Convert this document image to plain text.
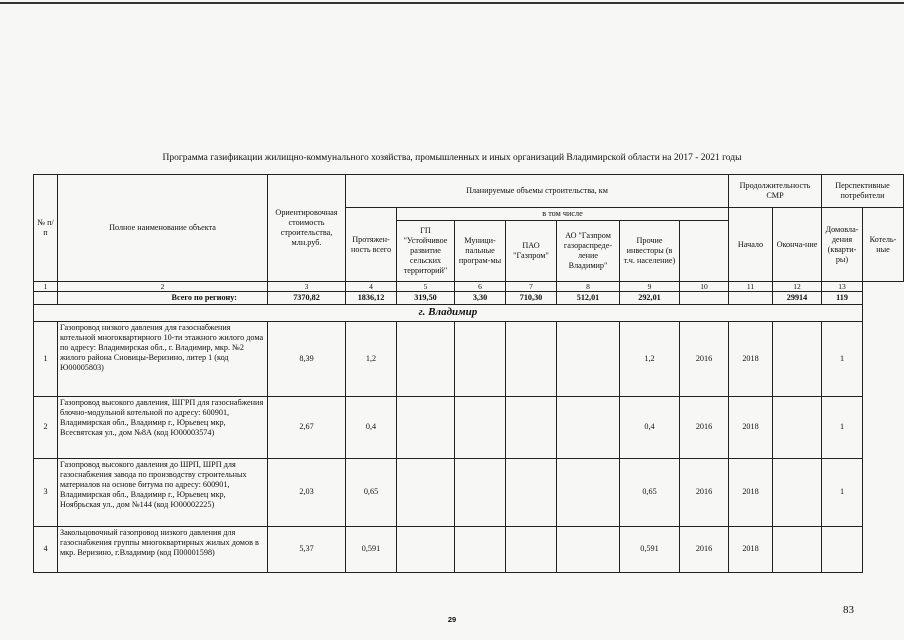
Программа газификации жилищно-коммунального хозяйства, промышленных и иных организаций Владимирской области на 2017 - 2021 годы
№ п/п	Полное наименование объекта	Ориентировочная стоимость строительства, млн.руб.	Планируемые объемы строительства, км							Продолжительность СМР		Перспективные потребители	
			Протяжен-ность всего	в том числе						Начало	Оконча-ние	Домовла-дения (кварти-ры)	Котель-ные
				ГП "Устойчивое развитие сельских территорий"	Муници-пальные програм-мы	ПАО "Газпром"	АО "Газпром газораспреде-ление Владимир"	Прочие инвесторы (в т.ч. население)					
1	2	3	4	5	6	7	8	9	10	11	12	13	
	Всего по региону:	7370,82	1836,12	319,50	3,30	710,30	512,01	292,01			29914	119	
г. Владимир													
1	Газопровод низкого давления для газоснабжения котельной многоквартирного 10-ти этажного жилого дома по адресу: Владимирская обл., г. Владимир, мкр. №2 жилого района Сновицы-Веризино, литер 1 (код Ю00005803)	8,39	1,2					1,2	2016	2018		1	
2	Газопровод высокого давления, ШГРП для газоснабжения блочно-модульной котельной по адресу: 600901, Владимирская обл., Владимир г., Юрьевец мкр, Всесвятская ул., дом №8А (код Ю00003574)	2,67	0,4					0,4	2016	2018		1	
3	Газопровод высокого давления до ШРП, ШРП для газоснабжения завода по производству строительных материалов на основе битума по адресу: 600901, Владимирская обл., Владимир г., Юрьевец мкр, Ноябрьская ул., дом №144 (код Ю00002225)	2,03	0,65					0,65	2016	2018		1	
4	Закольцовочный газопровод низкого давления для газоснабжения группы многоквартирных жилых домов в мкр. Веризино, г.Владимир (код П00001598)	5,37	0,591					0,591	2016	2018			
29
83
